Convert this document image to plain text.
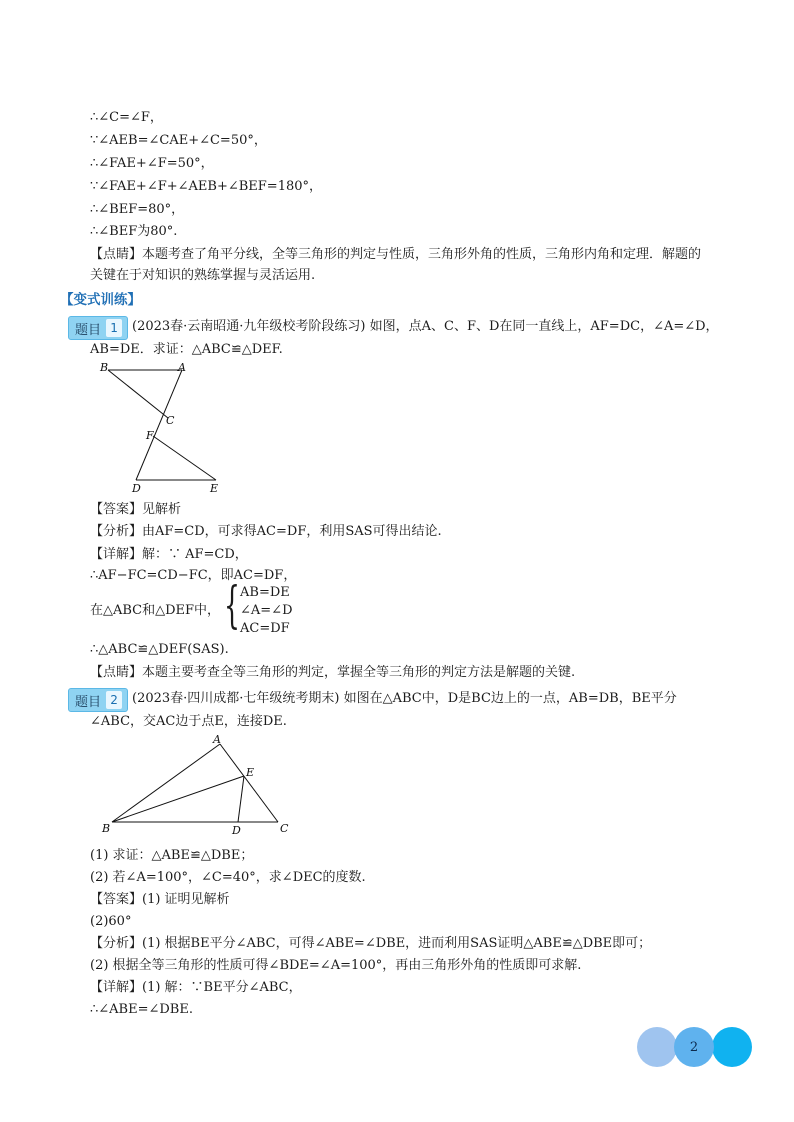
∴∠C=∠F，
∵∠AEB=∠CAE+∠C=50°，
∴∠FAE+∠F=50°，
∵∠FAE+∠F+∠AEB+∠BEF=180°，
∴∠BEF=80°，
∴∠BEF为80°.
【点睛】本题考查了角平分线，全等三角形的判定与性质，三角形外角的性质，三角形内角和定理．解题的
关键在于对知识的熟练掌握与灵活运用.
【变式训练】
题目 1	(2023春·云南昭通·九年级校考阶段练习) 如图，点A、C、F、D在同一直线上，AF=DC，∠A=∠D，
AB=DE．求证：△ABC≌△DEF.
B	A
C
F
D	E
【答案】见解析
【分析】由AF=CD，可求得AC=DF，利用SAS可得出结论.
【详解】解：∵ AF=CD，
∴AF−FC=CD−FC，即AC=DF，
在△ABC和△DEF中， { AB=DE
∠A=∠D
AC=DF
∴△ABC≌△DEF(SAS).
【点睛】本题主要考查全等三角形的判定，掌握全等三角形的判定方法是解题的关键.
题目 2	(2023春·四川成都·七年级统考期末) 如图在△ABC中，D是BC边上的一点，AB=DB，BE平分
∠ABC，交AC边于点E，连接DE.
A
E
B	D	C
(1) 求证：△ABE≌△DBE；
(2) 若∠A=100°，∠C=40°，求∠DEC的度数.
【答案】(1) 证明见解析
(2)60°
【分析】(1) 根据BE平分∠ABC，可得∠ABE=∠DBE，进而利用SAS证明△ABE≌△DBE即可；
(2) 根据全等三角形的性质可得∠BDE=∠A=100°，再由三角形外角的性质即可求解.
【详解】(1) 解：∵BE平分∠ABC，
∴∠ABE=∠DBE.
2
